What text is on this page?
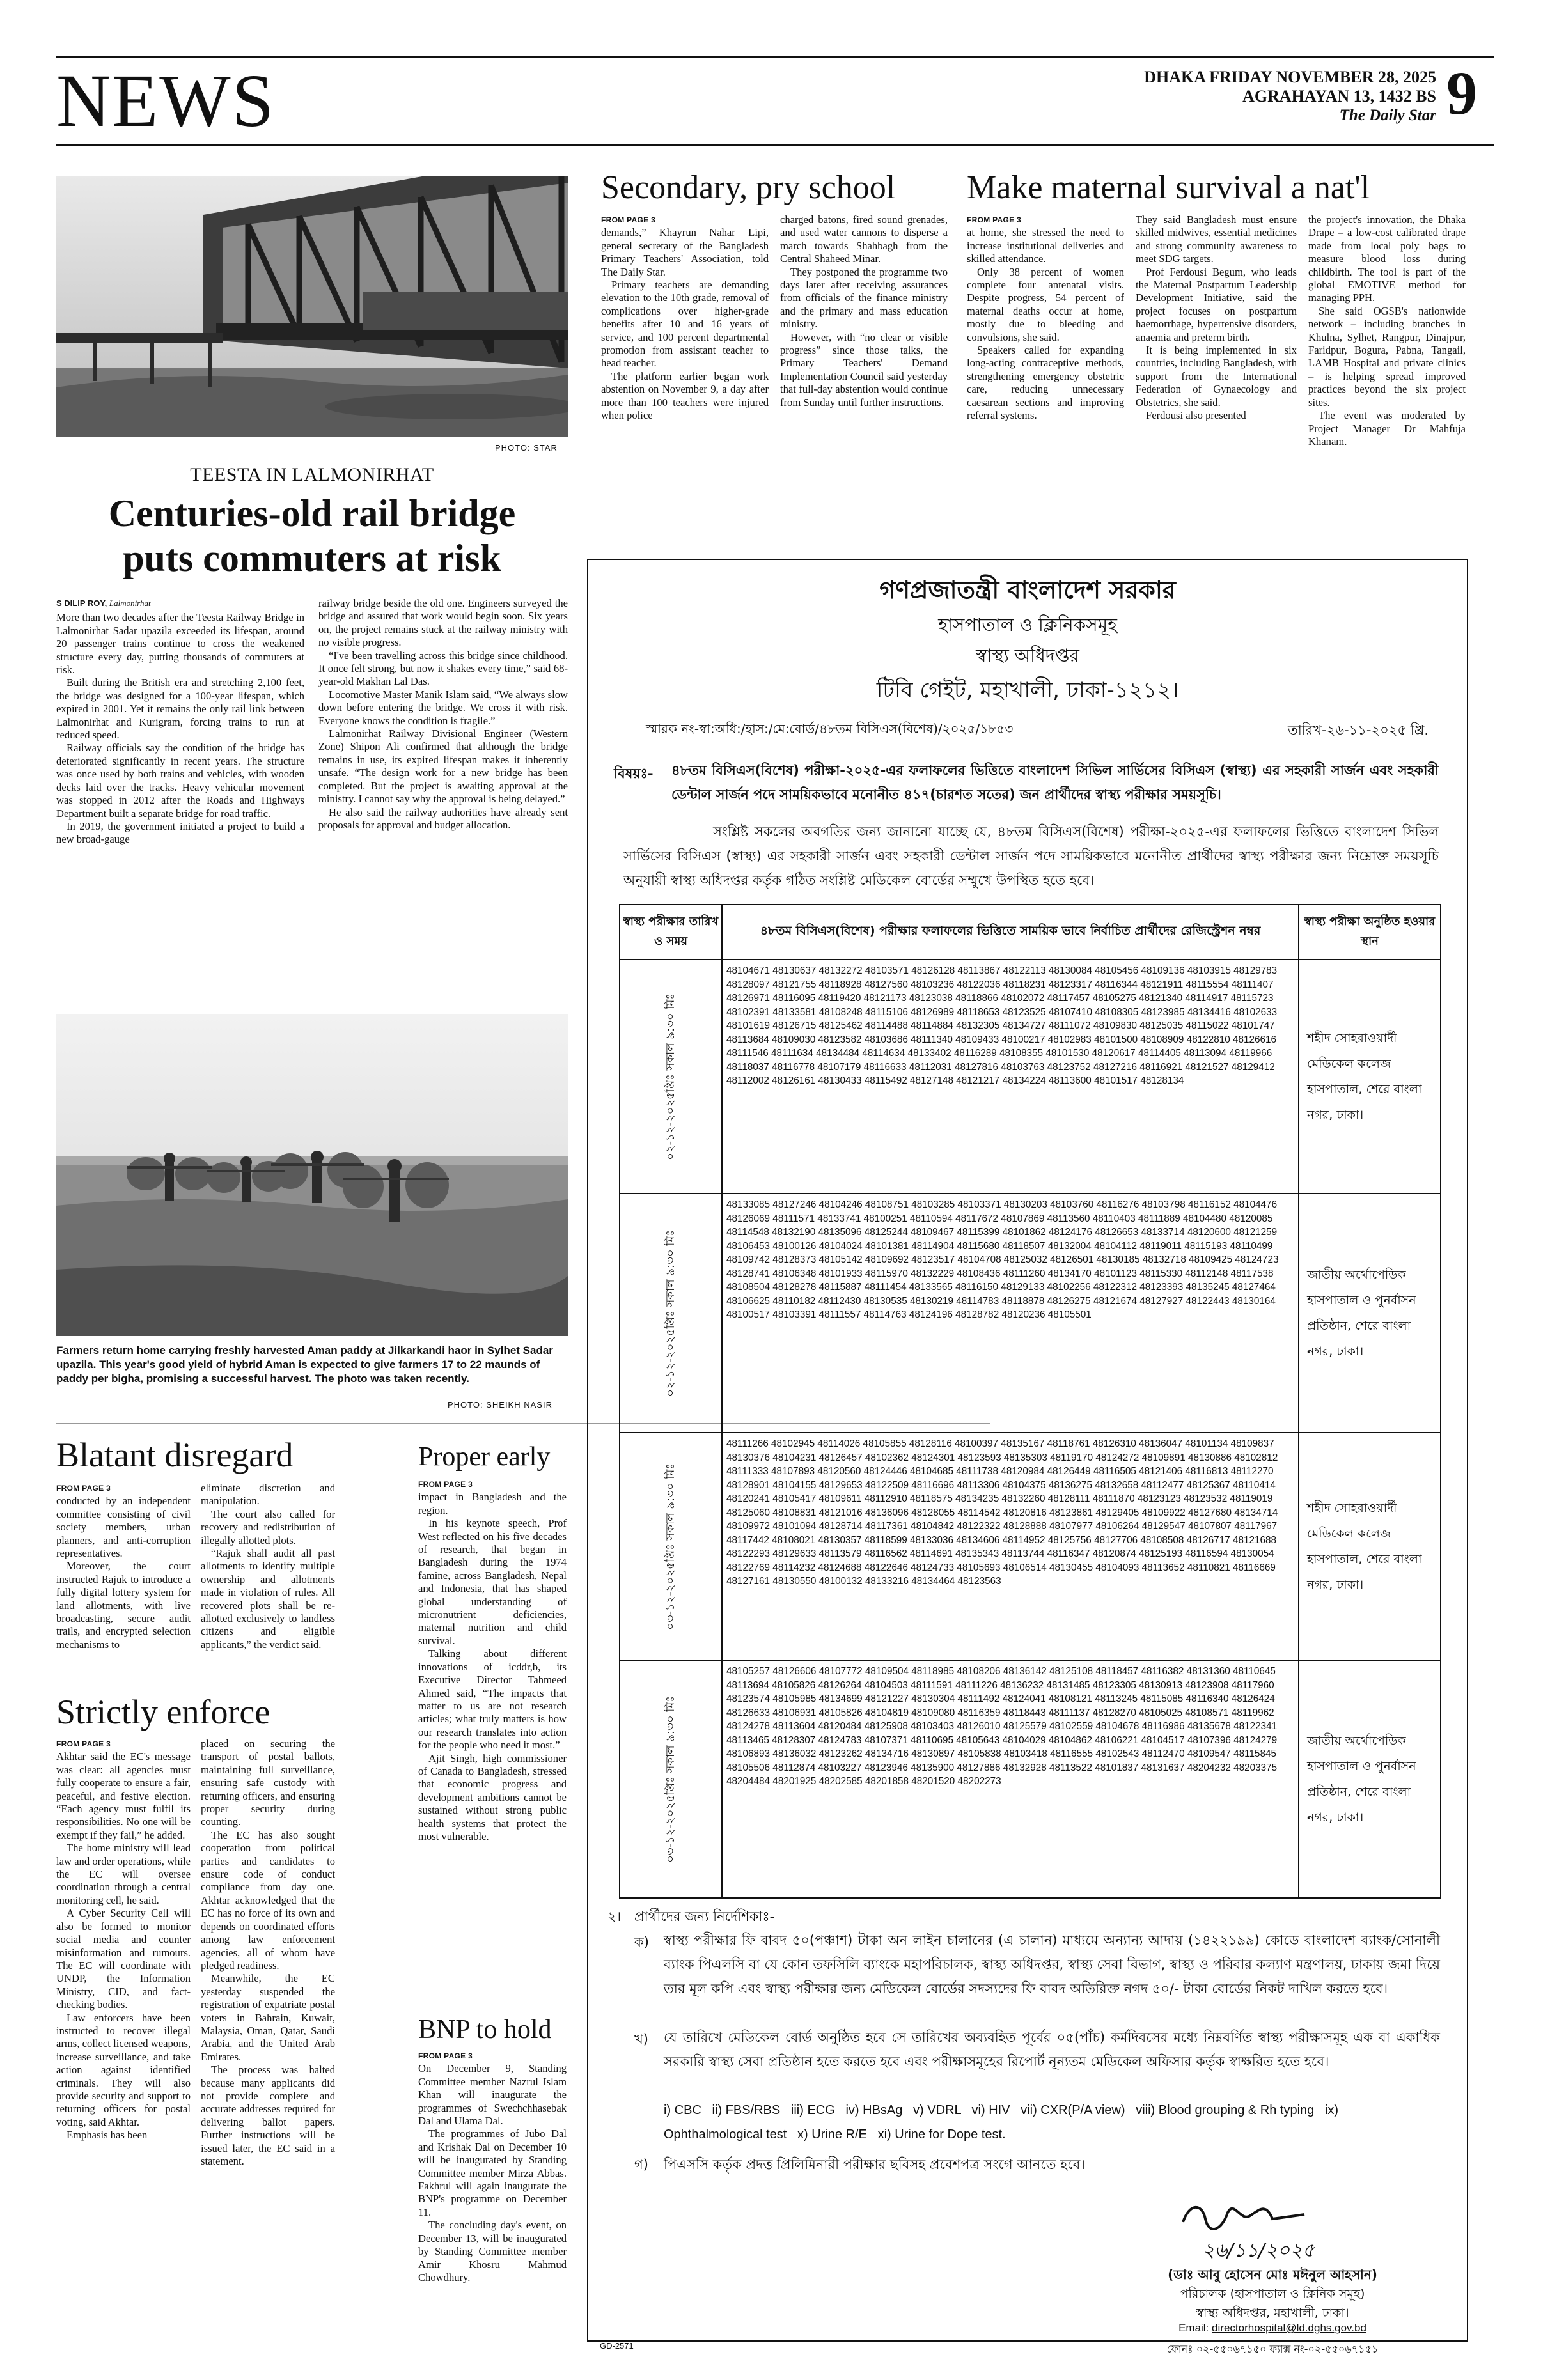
NEWS	DHAKA FRIDAY NOVEMBER 28, 2025
AGRAHAYAN 13, 1432 BS
The Daily Star 9
PHOTO: STAR
TEESTA IN LALMONIRHAT
Centuries-old rail bridge
puts commuters at risk
S DILIP ROY, Lalmonirhat

More than two decades after the Teesta Railway Bridge in Lalmonirhat Sadar upazila exceeded its lifespan, around 20 passenger trains continue to cross the weakened structure every day, putting thousands of commuters at risk.

Built during the British era and stretching 2,100 feet, the bridge was designed for a 100-year lifespan, which expired in 2001. Yet it remains the only rail link between Lalmonirhat and Kurigram, forcing trains to run at reduced speed.

Railway officials say the condition of the bridge has deteriorated significantly in recent years. The structure was once used by both trains and vehicles, with wooden decks laid over the tracks. Heavy vehicular movement was stopped in 2012 after the Roads and Highways Department built a separate bridge for road traffic.

In 2019, the government initiated a project to build a new broad-gauge

railway bridge beside the old one. Engineers surveyed the bridge and assured that work would begin soon. Six years on, the project remains stuck at the railway ministry with no visible progress.

“I've been travelling across this bridge since childhood. It once felt strong, but now it shakes every time,” said 68-year-old Makhan Lal Das.

Locomotive Master Manik Islam said, “We always slow down before entering the bridge. We cross it with risk. Everyone knows the condition is fragile.”

Lalmonirhat Railway Divisional Engineer (Western Zone) Shipon Ali confirmed that although the bridge remains in use, its expired lifespan makes it inherently unsafe. “The design work for a new bridge has been completed. But the project is awaiting approval at the ministry. I cannot say why the approval is being delayed.”

He also said the railway authorities have already sent proposals for approval and budget allocation.

Farmers return home carrying freshly harvested Aman paddy at Jilkarkandi haor in Sylhet Sadar upazila. This year's good yield of hybrid Aman is expected to give farmers 17 to 22 maunds of paddy per bigha, promising a successful harvest. The photo was taken recently.
PHOTO: SHEIKH NASIR
Blatant disregard
FROM PAGE 3

conducted by an independent committee consisting of civil society members, urban planners, and anti-corruption representatives.

Moreover, the court instructed Rajuk to introduce a fully digital lottery system for land allotments, with live broadcasting, secure audit trails, and encrypted selection mechanisms to

eliminate discretion and manipulation.

The court also called for recovery and redistribution of illegally allotted plots.

“Rajuk shall audit all past allotments to identify multiple ownership and allotments made in violation of rules. All recovered plots shall be re-allotted exclusively to landless citizens and eligible applicants,” the verdict said.

Strictly enforce
FROM PAGE 3

Akhtar said the EC's message was clear: all agencies must fully cooperate to ensure a fair, peaceful, and festive election. “Each agency must fulfil its responsibilities. No one will be exempt if they fail,” he added.

The home ministry will lead law and order operations, while the EC will oversee coordination through a central monitoring cell, he said.

A Cyber Security Cell will also be formed to monitor social media and counter misinformation and rumours. The EC will coordinate with UNDP, the Information Ministry, CID, and fact-checking bodies.

Law enforcers have been instructed to recover illegal arms, collect licensed weapons, increase surveillance, and take action against identified criminals. They will also provide security and support to returning officers for postal voting, said Akhtar.

Emphasis has been

placed on securing the transport of postal ballots, maintaining full surveillance, ensuring safe custody with returning officers, and ensuring proper security during counting.

The EC has also sought cooperation from political parties and candidates to ensure code of conduct compliance from day one. Akhtar acknowledged that the EC has no force of its own and depends on coordinated efforts among law enforcement agencies, all of whom have pledged readiness.

Meanwhile, the EC yesterday suspended the registration of expatriate postal voters in Bahrain, Kuwait, Malaysia, Oman, Qatar, Saudi Arabia, and the United Arab Emirates.

The process was halted because many applicants did not provide complete and accurate addresses required for delivering ballot papers. Further instructions will be issued later, the EC said in a statement.

Proper early
FROM PAGE 3

impact in Bangladesh and the region.

In his keynote speech, Prof West reflected on his five decades of research, that began in Bangladesh during the 1974 famine, across Bangladesh, Nepal and Indonesia, that has shaped global understanding of micronutrient deficiencies, maternal nutrition and child survival.

Talking about different innovations of icddr,b, its Executive Director Tahmeed Ahmed said, “The impacts that matter to us are not research articles; what truly matters is how our research translates into action for the people who need it most.”

Ajit Singh, high commissioner of Canada to Bangladesh, stressed that economic progress and development ambitions cannot be sustained without strong public health systems that protect the most vulnerable.

BNP to hold
FROM PAGE 3

On December 9, Standing Committee member Nazrul Islam Khan will inaugurate the programmes of Swechchhasebak Dal and Ulama Dal.

The programmes of Jubo Dal and Krishak Dal on December 10 will be inaugurated by Standing Committee member Mirza Abbas. Fakhrul will again inaugurate the BNP's programme on December 11.

The concluding day's event, on December 13, will be inaugurated by Standing Committee member Amir Khosru Mahmud Chowdhury.

Secondary, pry school
FROM PAGE 3

demands,” Khayrun Nahar Lipi, general secretary of the Bangladesh Primary Teachers' Association, told The Daily Star.

Primary teachers are demanding elevation to the 10th grade, removal of complications over higher-grade benefits after 10 and 16 years of service, and 100 percent departmental promotion from assistant teacher to head teacher.

The platform earlier began work abstention on November 9, a day after more than 100 teachers were injured when police

charged batons, fired sound grenades, and used water cannons to disperse a march towards Shahbagh from the Central Shaheed Minar.

They postponed the programme two days later after receiving assurances from officials of the finance ministry and the primary and mass education ministry.

However, with “no clear or visible progress” since those talks, the Primary Teachers' Demand Implementation Council said yesterday that full-day abstention would continue from Sunday until further instructions.

Make maternal survival a nat'l
FROM PAGE 3

at home, she stressed the need to increase institutional deliveries and skilled attendance.

Only 38 percent of women complete four antenatal visits. Despite progress, 54 percent of maternal deaths occur at home, mostly due to bleeding and convulsions, she said.

Speakers called for expanding long-acting contraceptive methods, strengthening emergency obstetric care, reducing unnecessary caesarean sections and improving referral systems.

They said Bangladesh must ensure skilled midwives, essential medicines and strong community awareness to meet SDG targets.

Prof Ferdousi Begum, who leads the Maternal Postpartum Leadership Development Initiative, said the project focuses on postpartum haemorrhage, hypertensive disorders, anaemia and preterm birth.

It is being implemented in six countries, including Bangladesh, with support from the International Federation of Gynaecology and Obstetrics, she said.

Ferdousi also presented

the project's innovation, the Dhaka Drape – a low-cost calibrated drape made from local poly bags to measure blood loss during childbirth. The tool is part of the global EMOTIVE method for managing PPH.

She said OGSB's nationwide network – including branches in Khulna, Sylhet, Rangpur, Dinajpur, Faridpur, Bogura, Pabna, Tangail, LAMB Hospital and private clinics – is helping spread improved practices beyond the six project sites.

The event was moderated by Project Manager Dr Mahfuja Khanam.

গণপ্রজাতন্ত্রী বাংলাদেশ সরকার
হাসপাতাল ও ক্লিনিকসমূহ
স্বাস্থ্য অধিদপ্তর
টিবি গেইট, মহাখালী, ঢাকা-১২১২।
স্মারক নং-স্বা:অধি:/হাস:/মে:বোর্ড/৪৮তম বিসিএস(বিশেষ)/২০২৫/১৮৫৩	তারিখ-২৬-১১-২০২৫ খ্রি.
বিষয়ঃ- ৪৮তম বিসিএস(বিশেষ) পরীক্ষা-২০২৫-এর ফলাফলের ভিত্তিতে বাংলাদেশ সিভিল সার্ভিসের বিসিএস (স্বাস্থ্য) এর সহকারী সার্জন এবং সহকারী ডেন্টাল সার্জন পদে সাময়িকভাবে মনোনীত ৪১৭(চারশত সতের) জন প্রার্থীদের স্বাস্থ্য পরীক্ষার সময়সূচি।
সংশ্লিষ্ট সকলের অবগতির জন্য জানানো যাচ্ছে যে, ৪৮তম বিসিএস(বিশেষ) পরীক্ষা-২০২৫-এর ফলাফলের ভিত্তিতে বাংলাদেশ সিভিল সার্ভিসের বিসিএস (স্বাস্থ্য) এর সহকারী সার্জন এবং সহকারী ডেন্টাল সার্জন পদে সাময়িকভাবে মনোনীত প্রার্থীদের স্বাস্থ্য পরীক্ষার জন্য নিম্নোক্ত সময়সূচি অনুযায়ী স্বাস্থ্য অধিদপ্তর কর্তৃক গঠিত সংশ্লিষ্ট মেডিকেল বোর্ডের সম্মুখে উপস্থিত হতে হবে।
স্বাস্থ্য পরীক্ষার তারিখ ও সময়	৪৮তম বিসিএস(বিশেষ) পরীক্ষার ফলাফলের ভিত্তিতে সাময়িক ভাবে নির্বাচিত প্রার্থীদের রেজিস্ট্রেশন নম্বর	স্বাস্থ্য পরীক্ষা অনুষ্ঠিত হওয়ার স্থান

০২-১২-২০২৫খ্রিঃ সকাল ৯:৩০ মিঃ	48104671 48130637 48132272 48103571 48126128 48113867 48122113 48130084 48105456 48109136 48103915 48129783 48128097 48121755 48118928 48127560 48103236 48122036 48118231 48123317 48116344 48121911 48115554 48111407 48126971 48116095 48119420 48121173 48123038 48118866 48102072 48117457 48105275 48121340 48114917 48115723 48102391 48133581 48108248 48115106 48126989 48118653 48123525 48107410 48108305 48123985 48134416 48102633 48101619 48126715 48125462 48114488 48114884 48132305 48134727 48111072 48109830 48125035 48115022 48101747 48113684 48109030 48123582 48103686 48111340 48109433 48100217 48102983 48101500 48108909 48122810 48126616 48111546 48111634 48134484 48114634 48133402 48116289 48108355 48101530 48120617 48114405 48113094 48119966 48118037 48116778 48107179 48116633 48112031 48127816 48103763 48123752 48127216 48116921 48121527 48129412 48112002 48126161 48130433 48115492 48127148 48121217 48134224 48113600 48101517 48128134	শহীদ সোহরাওয়ার্দী মেডিকেল কলেজ হাসপাতাল, শেরে বাংলা নগর, ঢাকা।

০২-১২-২০২৫খ্রিঃ সকাল ৯:৩০ মিঃ	48133085 48127246 48104246 48108751 48103285 48103371 48130203 48103760 48116276 48103798 48116152 48104476 48126069 48111571 48133741 48100251 48110594 48117672 48107869 48113560 48110403 48111889 48104480 48120085 48114548 48132190 48135096 48125244 48109467 48115399 48101862 48124176 48126653 48133714 48120600 48121259 48106453 48100126 48104024 48101381 48114904 48115680 48118507 48132004 48104112 48119011 48115193 48110499 48109742 48128373 48105142 48109692 48123517 48104708 48125032 48126501 48130185 48132718 48109425 48124723 48128741 48106348 48101933 48115970 48132229 48108436 48111260 48134170 48101123 48115330 48112148 48117538 48108504 48128278 48115887 48111454 48133565 48116150 48129133 48102256 48122312 48123393 48135245 48127464 48106625 48110182 48112430 48130535 48130219 48114783 48118878 48126275 48121674 48127927 48122443 48130164 48100517 48103391 48111557 48114763 48124196 48128782 48120236 48105501	জাতীয় অর্থোপেডিক হাসপাতাল ও পুনর্বাসন প্রতিষ্ঠান, শেরে বাংলা নগর, ঢাকা।

০৩-১২-২০২৫খ্রিঃ সকাল ৯:৩০ মিঃ	48111266 48102945 48114026 48105855 48128116 48100397 48135167 48118761 48126310 48136047 48101134 48109837 48130376 48104231 48126457 48102362 48124301 48123593 48135303 48119170 48124272 48109891 48130886 48102812 48111333 48107893 48120560 48124446 48104685 48111738 48120984 48126449 48116505 48121406 48116813 48112270 48128901 48104155 48129653 48122509 48116696 48113306 48104375 48136275 48132658 48112477 48125367 48110414 48120241 48105417 48109611 48112910 48118575 48134235 48132260 48128111 48111870 48123123 48123532 48119019 48125060 48108831 48121016 48136096 48128055 48114542 48120816 48123861 48129405 48109922 48127680 48134714 48109972 48101094 48128714 48117361 48104842 48122322 48128888 48107977 48106264 48129547 48107807 48117967 48117442 48108021 48130357 48118599 48133036 48134606 48114952 48125756 48127706 48108508 48126717 48121688 48122293 48129633 48113579 48116562 48114691 48135343 48113744 48116347 48120874 48125193 48116594 48130054 48122769 48114232 48124688 48122646 48124733 48105693 48106514 48130455 48104093 48113652 48110821 48116669 48127161 48130550 48100132 48133216 48134464 48123563	শহীদ সোহরাওয়ার্দী মেডিকেল কলেজ হাসপাতাল, শেরে বাংলা নগর, ঢাকা।

০৩-১২-২০২৫খ্রিঃ সকাল ৯:৩০ মিঃ	48105257 48126606 48107772 48109504 48118985 48108206 48136142 48125108 48118457 48116382 48131360 48110645 48113694 48105826 48126264 48104503 48111591 48111226 48136232 48131485 48123305 48130913 48123908 48117960 48123574 48105985 48134699 48121227 48130304 48111492 48124041 48108121 48113245 48115085 48116340 48126424 48126633 48106931 48105826 48104819 48109080 48116359 48118443 48111137 48128270 48105025 48108571 48119962 48124278 48113604 48120484 48125908 48103403 48126010 48125579 48102559 48104678 48116986 48135678 48122341 48113465 48128307 48124783 48107371 48110695 48105643 48104029 48104862 48106221 48104517 48107396 48124279 48106893 48136032 48123262 48134716 48130897 48105838 48103418 48116555 48102543 48112470 48109547 48115845 48105506 48112874 48103227 48123946 48135900 48127886 48132928 48113522 48101837 48131637 48204232 48203375 48204484 48201925 48202585 48201858 48201520 48202273	জাতীয় অর্থোপেডিক হাসপাতাল ও পুনর্বাসন প্রতিষ্ঠান, শেরে বাংলা নগর, ঢাকা।
২। প্রার্থীদের জন্য নির্দেশিকাঃ-
ক) স্বাস্থ্য পরীক্ষার ফি বাবদ ৫০(পঞ্চাশ) টাকা অন লাইন চালানের (এ চালান) মাধ্যমে অন্যান্য আদায় (১৪২২১৯৯) কোডে বাংলাদেশ ব্যাংক/সোনালী ব্যাংক পিএলসি বা যে কোন তফসিলি ব্যাংকে মহাপরিচালক, স্বাস্থ্য অধিদপ্তর, স্বাস্থ্য সেবা বিভাগ, স্বাস্থ্য ও পরিবার কল্যাণ মন্ত্রণালয়, ঢাকায় জমা দিয়ে তার মূল কপি এবং স্বাস্থ্য পরীক্ষার জন্য মেডিকেল বোর্ডের সদস্যদের ফি বাবদ অতিরিক্ত নগদ ৫০/- টাকা বোর্ডের নিকট দাখিল করতে হবে।
খ) যে তারিখে মেডিকেল বোর্ড অনুষ্ঠিত হবে সে তারিখের অব্যবহিত পূর্বের ০৫(পাঁচ) কর্মদিবসের মধ্যে নিম্নবর্ণিত স্বাস্থ্য পরীক্ষাসমূহ এক বা একাধিক সরকারি স্বাস্থ্য সেবা প্রতিষ্ঠান হতে করতে হবে এবং পরীক্ষাসমূহের রিপোর্ট নূন্যতম মেডিকেল অফিসার কর্তৃক স্বাক্ষরিত হতে হবে।
i) CBC   ii) FBS/RBS   iii) ECG   iv) HBsAg   v) VDRL   vi) HIV   vii) CXR(P/A view)   viii) Blood grouping & Rh typing   ix)
Ophthalmological test   x) Urine R/E   xi) Urine for Dope test.
গ) পিএসসি কর্তৃক প্রদত্ত প্রিলিমিনারী পরীক্ষার ছবিসহ প্রবেশপত্র সংগে আনতে হবে।
২৬/১১/২০২৫
(ডাঃ আবু হোসেন মোঃ মঈনুল আহসান)
পরিচালক (হাসপাতাল ও ক্লিনিক সমূহ)
স্বাস্থ্য অধিদপ্তর, মহাখালী, ঢাকা।
Email: directorhospital@ld.dghs.gov.bd
ফোনঃ ০২-৫৫০৬৭১৫০ ফ্যাক্স নং-০২-৫৫০৬৭১৫১
GD-2571
